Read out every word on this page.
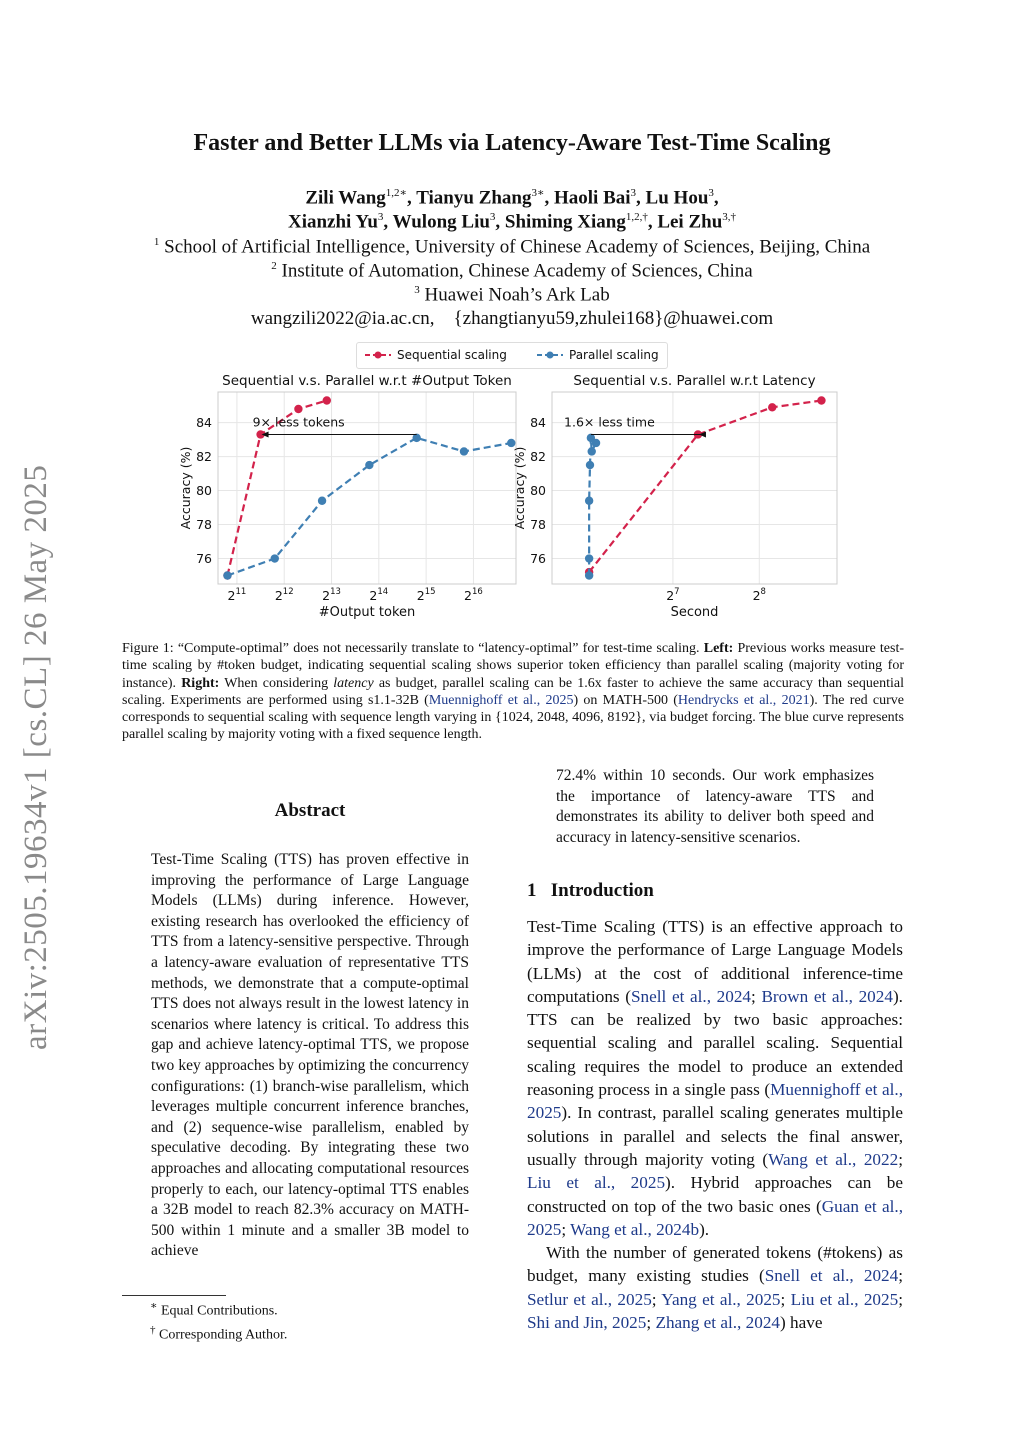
arXiv:2505.19634v1 [cs.CL] 26 May 2025
Faster and Better LLMs via Latency-Aware Test-Time Scaling
Zili Wang$^{1,2∗}$, Tianyu Zhang$^{3∗}$, Haoli Bai$^3$, Lu Hou$^3$,
Xianzhi Yu$^3$, Wulong Liu$^3$, Shiming Xiang$^{1,2,\dagger}$, Lei Zhu$^{3,\dagger}$
$^1$ School of Artificial Intelligence, University of Chinese Academy of Sciences, Beijing, China
$^2$ Institute of Automation, Chinese Academy of Sciences, China
$^3$ Huawei Noah’s Ark Lab
wangzili2022@ia.ac.cn,    {zhangtianyu59,zhulei168}@huawei.com
Sequential scaling	Parallel scaling
Sequential v.s. Parallel w.r.t #Output Token
76
78
80
82
84
$2^{11}$ $2^{12}$ $2^{13}$ $2^{14}$ $2^{15}$ $2^{16}$
#Output token
Accuracy (%)
9× less tokens
Sequential v.s. Parallel w.r.t Latency
76
78
80
82
84
$2^7$	$2^8$
Second
Accuracy (%)
1.6× less time
Figure 1: “Compute-optimal” does not necessarily translate to “latency-optimal” for test-time scaling. Left: Previous works measure test-time scaling by #token budget, indicating sequential scaling shows superior token efficiency than parallel scaling (majority voting for instance). Right: When considering latency as budget, parallel scaling can be 1.6x faster to achieve the same accuracy than sequential scaling. Experiments are performed using s1.1-32B (Muennighoff et al., 2025) on MATH-500 (Hendrycks et al., 2021). The red curve corresponds to sequential scaling with sequence length varying in {1024, 2048, 4096, 8192}, via budget forcing. The blue curve represents parallel scaling by majority voting with a fixed sequence length.
Abstract
Test-Time Scaling (TTS) has proven effective in improving the performance of Large Language Models (LLMs) during inference. However, existing research has overlooked the efficiency of TTS from a latency-sensitive perspective. Through a latency-aware evaluation of representative TTS methods, we demonstrate that a compute-optimal TTS does not always result in the lowest latency in scenarios where latency is critical. To address this gap and achieve latency-optimal TTS, we propose two key approaches by optimizing the concurrency configurations: (1) branch-wise parallelism, which leverages multiple concurrent inference branches, and (2) sequence-wise parallelism, enabled by speculative decoding. By integrating these two approaches and allocating computational resources properly to each, our latency-optimal TTS enables a 32B model to reach 82.3% accuracy on MATH-500 within 1 minute and a smaller 3B model to achieve
∗ Equal Contributions.
† Corresponding Author.
72.4% within 10 seconds. Our work emphasizes the importance of latency-aware TTS and demonstrates its ability to deliver both speed and accuracy in latency-sensitive scenarios.
1 Introduction

Test-Time Scaling (TTS) is an effective approach to improve the performance of Large Language Models (LLMs) at the cost of additional inference-time computations (Snell et al., 2024; Brown et al., 2024). TTS can be realized by two basic approaches: sequential scaling and parallel scaling. Sequential scaling requires the model to produce an extended reasoning process in a single pass (Muennighoff et al., 2025). In contrast, parallel scaling generates multiple solutions in parallel and selects the final answer, usually through majority voting (Wang et al., 2022; Liu et al., 2025). Hybrid approaches can be constructed on top of the two basic ones (Guan et al., 2025; Wang et al., 2024b).

With the number of generated tokens (#tokens) as budget, many existing studies (Snell et al., 2024; Setlur et al., 2025; Yang et al., 2025; Liu et al., 2025; Shi and Jin, 2025; Zhang et al., 2024) have
